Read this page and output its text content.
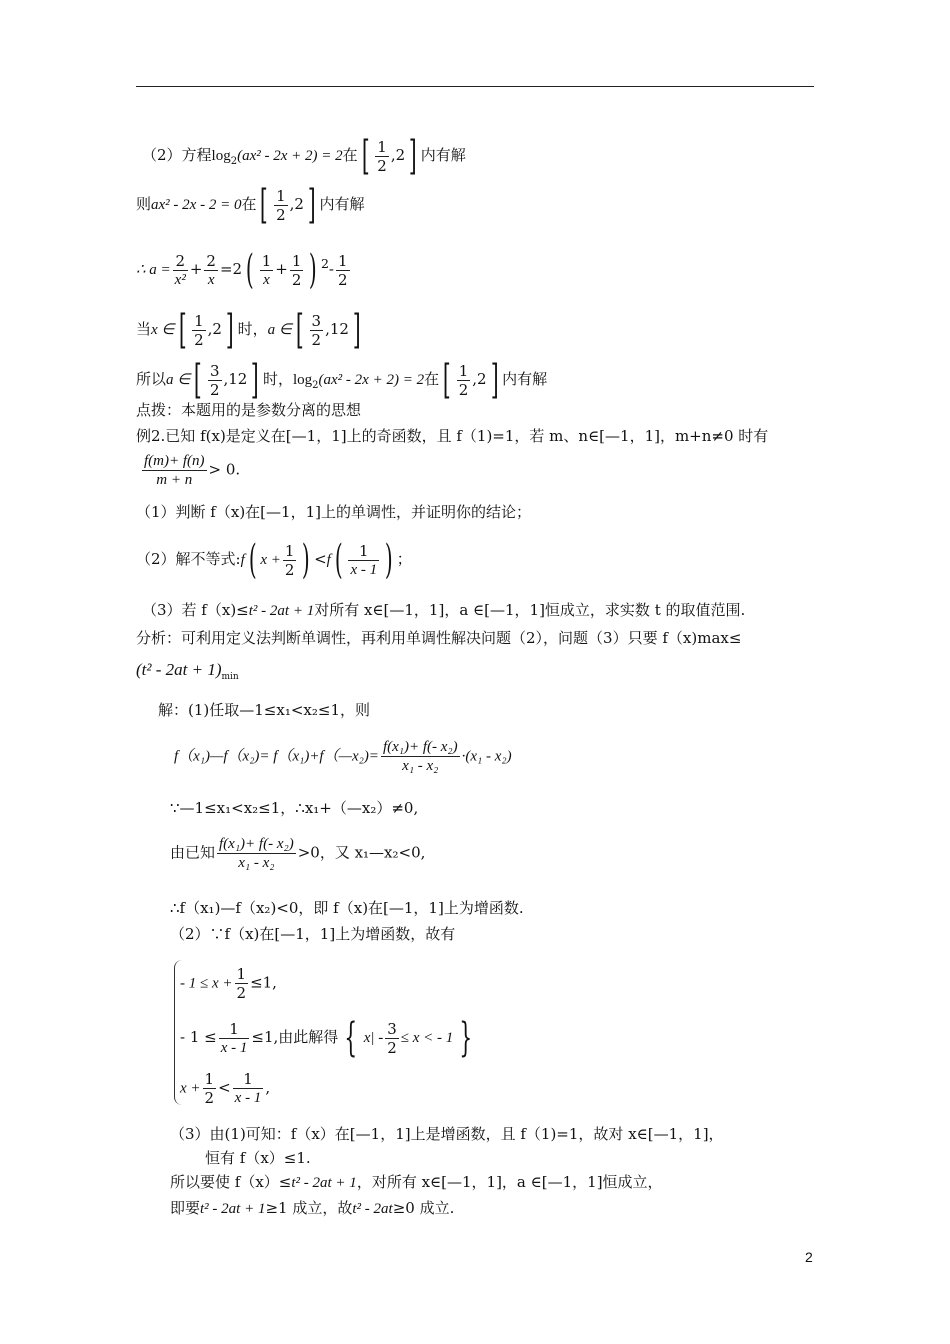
（2）方程$\log_2(ax^2 - 2x + 2) = 2$在[ $\frac{1}{2} ,2$] 内有解
则ax² - 2x - 2 = 0在[ $\frac{1}{2} ,2$] 内有解
∴ $a = \frac{2}{\text{x²}} + \frac{2}{x} =2( \frac{1}{x} + \frac{1}{2}$ ) $^2- \frac{1}{2}$
当x ∈[ $\frac{1}{2} ,2$] 时，a ∈[ $\frac{3}{2} ,12$]
所以a ∈[ $\frac{3}{2} ,12$] 时，$\log_2(ax^2 - 2x + 2) = 2$在[ $\frac{1}{2} ,2$] 内有解
点拨：本题用的是参数分离的思想
例2.已知 f(x)是定义在[—1，1]上的奇函数，且 f（1)=1，若 m、n∈[—1，1]，m+n≠0 时有
$\frac{f(m)+ f(n)}{m + n} > 0$.
（1）判断 f（x)在[—1，1]上的单调性，并证明你的结论；
（2）解不等式:f( $x + \frac{1}{2}$ ) $<f( \frac{1}{x - 1}$ ) ；
（3）若 f（x)≤t² - 2at + 1对所有 x∈[—1，1]，a ∈[—1，1]恒成立，求实数 t 的取值范围.
分析：可利用定义法判断单调性，再利用单调性解决问题（2），问题（3）只要 f（x)max≤
$(t^2 - 2at + 1)_{min}$
解：(1)任取—1≤x₁<x₂≤1，则
f（x₁)—f（x₂)= f（x₁)+f（—x₂)= $\frac{\text{f(x₁)+ f(- x₂)}}{\text{x₁ - x₂}} \cdot(x_1 - x_2)$
∵—1≤x₁<x₂≤1，∴x₁+（—x₂）≠0,
由已知 $\frac{\text{f(x₁)+ f(- x₂)}}{\text{x₁ - x₂}} >0$，又 x₁—x₂<0,
∴f（x₁)—f（x₂)<0，即 f（x)在[—1，1]上为增函数.
（2）∵f（x)在[—1，1]上为增函数，故有
- $1 \le x + \frac{1}{2} \le 1$,
- $1 \le \frac{1}{x - 1} \le 1$,由此解得 { $x| - \frac{3}{2} \le x$ < - 1 }
$x + \frac{1}{2} < \frac{1}{x - 1}$ ,
（3）由(1)可知：f（x）在[—1，1]上是增函数，且 f（1)=1，故对 x∈[—1，1]，
恒有 f（x）≤1.
所以要使 f（x）≤t² - 2at + 1，对所有 x∈[—1，1]，a ∈[—1，1]恒成立，
即要t² - 2at + 1≥1 成立，故t² - 2at≥0 成立.
2
